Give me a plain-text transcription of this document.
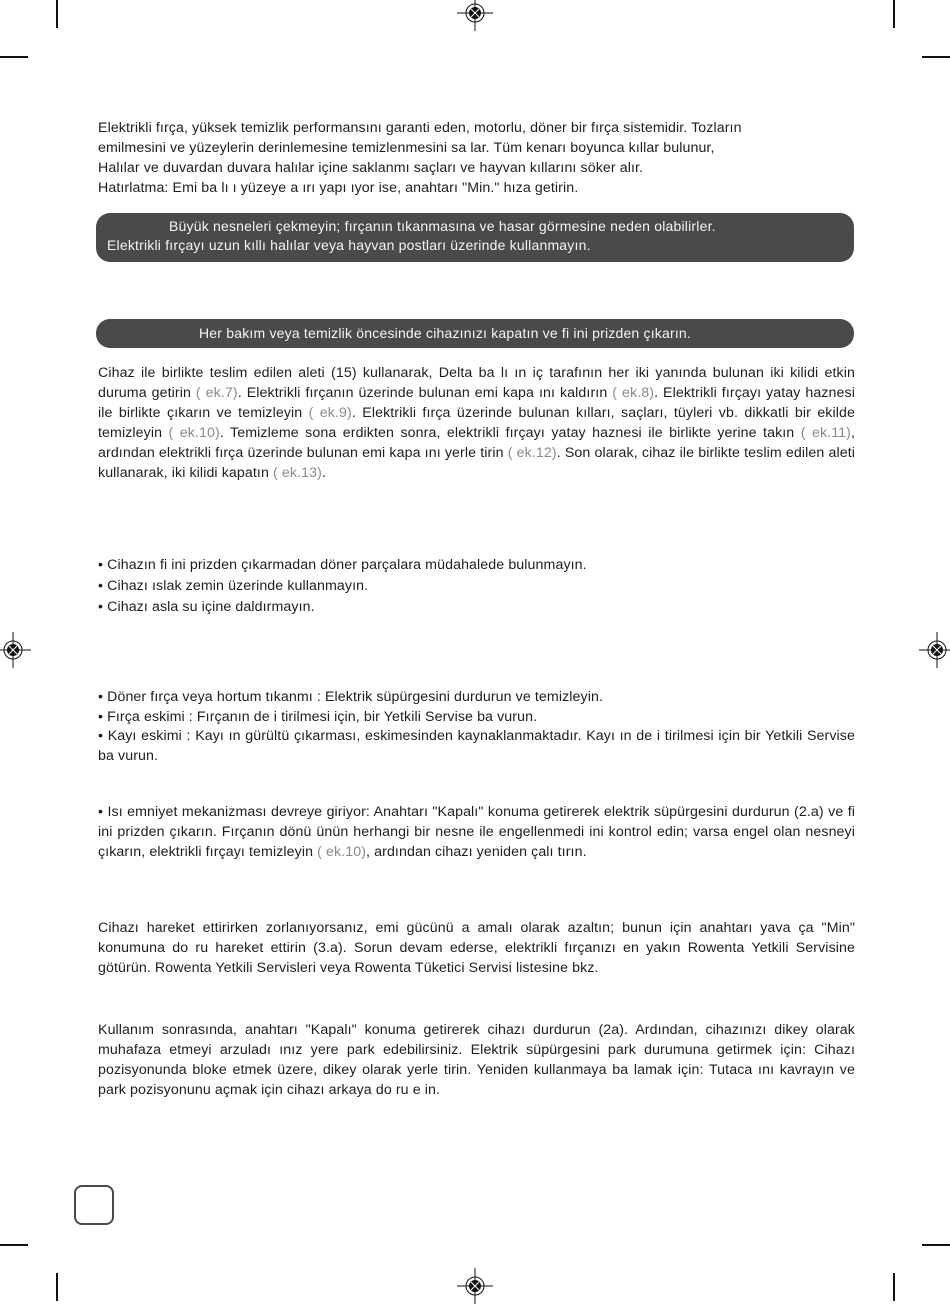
Elektrikli fırça, yüksek temizlik performansını garanti eden, motorlu, döner bir fırça sistemidir. Tozların
emilmesini ve yüzeylerin derinlemesine temizlenmesini sa lar. Tüm kenarı boyunca kıllar bulunur,
Halılar ve duvardan duvara halılar içine saklanmı saçları ve hayvan kıllarını söker alır.
Hatırlatma: Emi ba lı ı yüzeye a ırı yapı ıyor ise, anahtarı "Min." hıza getirin.
Büyük nesneleri çekmeyin; fırçanın tıkanmasına ve hasar görmesine neden olabilirler.
Elektrikli fırçayı uzun kıllı halılar veya hayvan postları üzerinde kullanmayın.
Her bakım veya temizlik öncesinde cihazınızı kapatın ve fi ini prizden çıkarın.

Cihaz ile birlikte teslim edilen aleti (15) kullanarak, Delta ba lı ın iç tarafının her iki yanında bulunan iki kilidi etkin duruma getirin ( ek.7). Elektrikli fırçanın üzerinde bulunan emi kapa ını kaldırın ( ek.8). Elektrikli fırçayı yatay haznesi ile birlikte çıkarın ve temizleyin ( ek.9). Elektrikli fırça üzerinde bulunan kılları, saçları, tüyleri vb. dikkatli bir ekilde temizleyin ( ek.10). Temizleme sona erdikten sonra, elektrikli fırçayı yatay haznesi ile birlikte yerine takın ( ek.11), ardından elektrikli fırça üzerinde bulunan emi kapa ını yerle tirin ( ek.12). Son olarak, cihaz ile birlikte teslim edilen aleti kullanarak, iki kilidi kapatın ( ek.13).

• Cihazın fi ini prizden çıkarmadan döner parçalara müdahalede bulunmayın.
• Cihazı ıslak zemin üzerinde kullanmayın.
• Cihazı asla su içine daldırmayın.
• Döner fırça veya hortum tıkanmı : Elektrik süpürgesini durdurun ve temizleyin.
• Fırça eskimi : Fırçanın de i tirilmesi için, bir Yetkili Servise ba vurun.
• Kayı eskimi : Kayı ın gürültü çıkarması, eskimesinden kaynaklanmaktadır. Kayı ın de i tirilmesi için bir Yetkili Servise ba vurun.

• Isı emniyet mekanizması devreye giriyor: Anahtarı "Kapalı" konuma getirerek elektrik süpürgesini durdurun (2.a) ve fi ini prizden çıkarın. Fırçanın dönü ünün herhangi bir nesne ile engellenmedi ini kontrol edin; varsa engel olan nesneyi çıkarın, elektrikli fırçayı temizleyin ( ek.10), ardından cihazı yeniden çalı tırın.

Cihazı hareket ettirirken zorlanıyorsanız, emi gücünü a amalı olarak azaltın; bunun için anahtarı yava ça "Min" konumuna do ru hareket ettirin (3.a). Sorun devam ederse, elektrikli fırçanızı en yakın Rowenta Yetkili Servisine götürün. Rowenta Yetkili Servisleri veya Rowenta Tüketici Servisi listesine bkz.

Kullanım sonrasında, anahtarı "Kapalı" konuma getirerek cihazı durdurun (2a). Ardından, cihazınızı dikey olarak muhafaza etmeyi arzuladı ınız yere park edebilirsiniz. Elektrik süpürgesini park durumuna getirmek için: Cihazı pozisyonunda bloke etmek üzere, dikey olarak yerle tirin. Yeniden kullanmaya ba lamak için: Tutaca ını kavrayın ve park pozisyonunu açmak için cihazı arkaya do ru e in.
